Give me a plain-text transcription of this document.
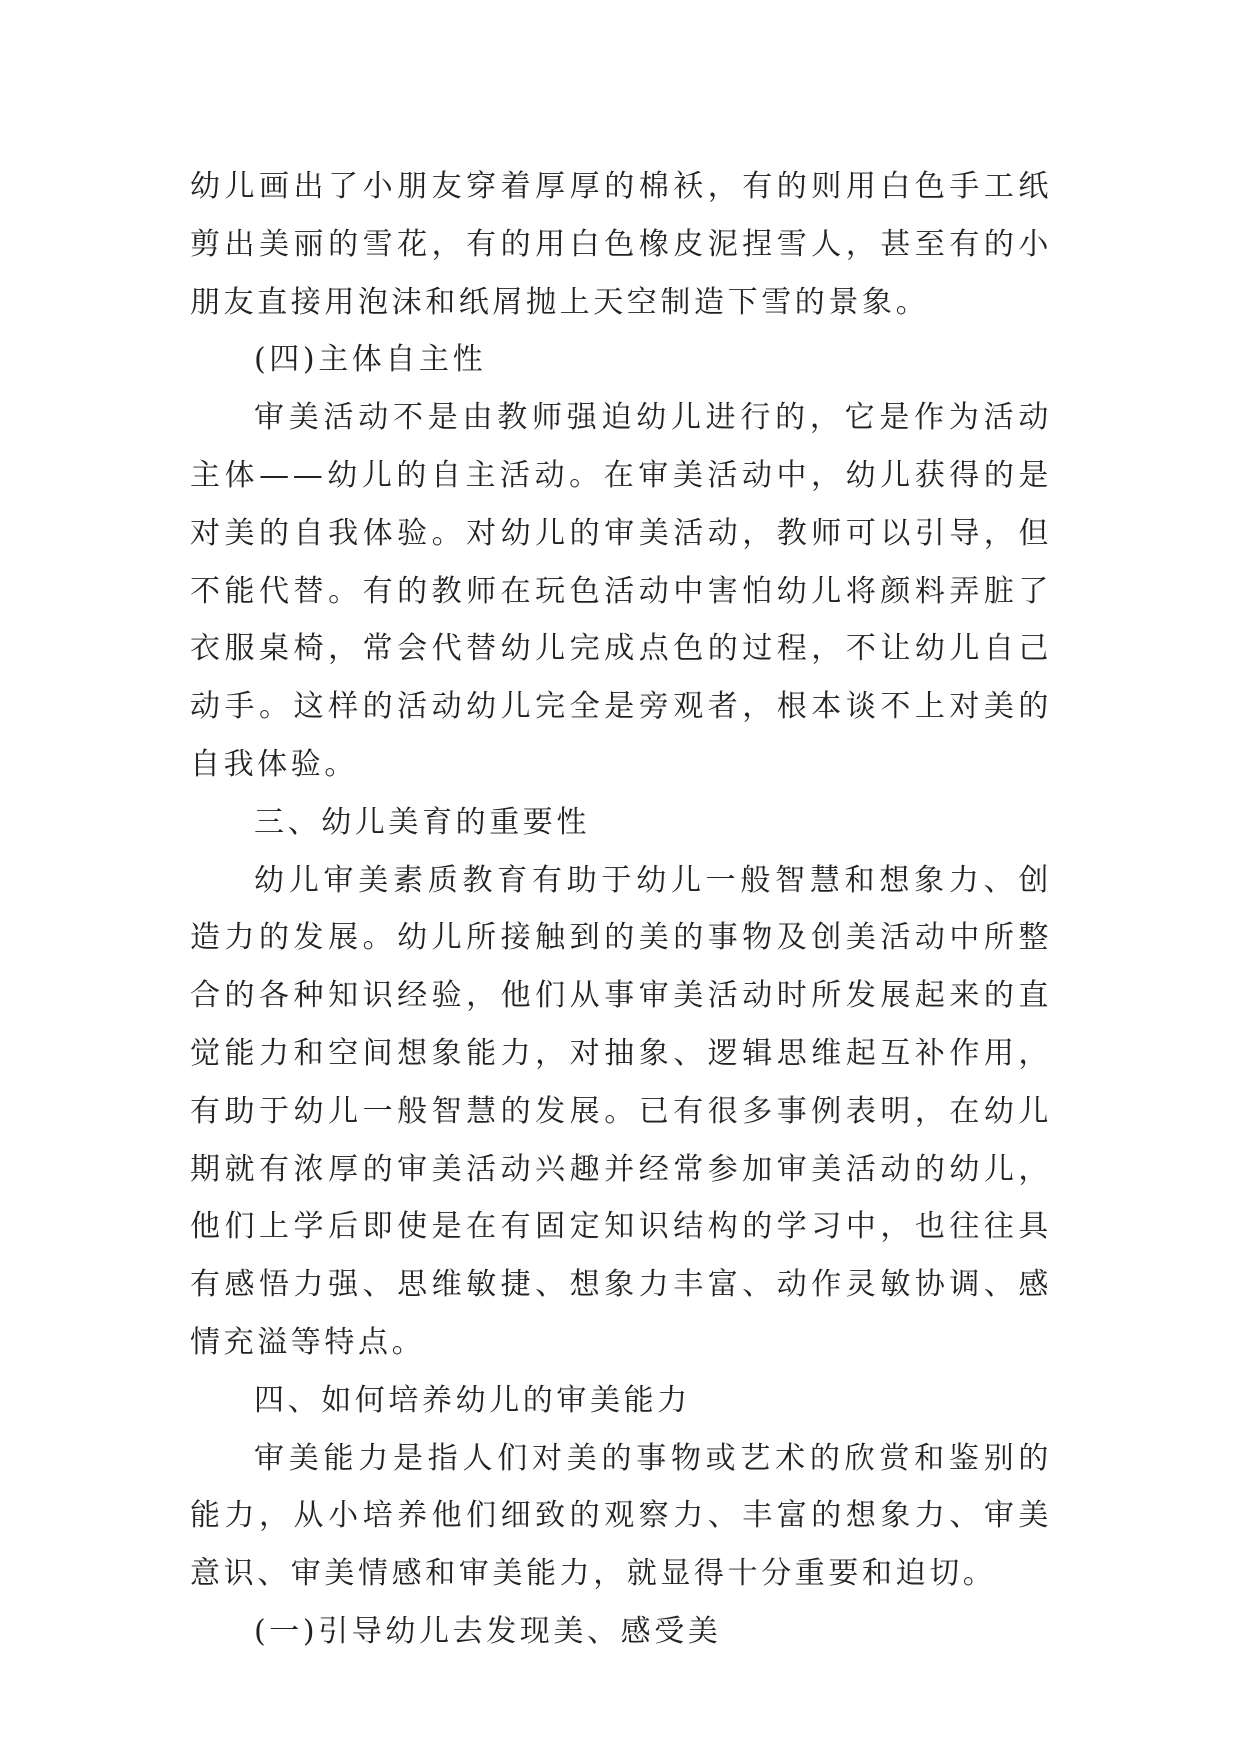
幼儿画出了小朋友穿着厚厚的棉袄，有的则用白色手工纸剪出美丽的雪花，有的用白色橡皮泥捏雪人，甚至有的小朋友直接用泡沫和纸屑抛上天空制造下雪的景象。

(四)主体自主性

审美活动不是由教师强迫幼儿进行的，它是作为活动主体——幼儿的自主活动。在审美活动中，幼儿获得的是对美的自我体验。对幼儿的审美活动，教师可以引导，但不能代替。有的教师在玩色活动中害怕幼儿将颜料弄脏了衣服桌椅，常会代替幼儿完成点色的过程，不让幼儿自己动手。这样的活动幼儿完全是旁观者，根本谈不上对美的自我体验。

三、幼儿美育的重要性

幼儿审美素质教育有助于幼儿一般智慧和想象力、创造力的发展。幼儿所接触到的美的事物及创美活动中所整合的各种知识经验，他们从事审美活动时所发展起来的直觉能力和空间想象能力，对抽象、逻辑思维起互补作用，有助于幼儿一般智慧的发展。已有很多事例表明，在幼儿期就有浓厚的审美活动兴趣并经常参加审美活动的幼儿，他们上学后即使是在有固定知识结构的学习中，也往往具有感悟力强、思维敏捷、想象力丰富、动作灵敏协调、感情充溢等特点。

四、如何培养幼儿的审美能力

审美能力是指人们对美的事物或艺术的欣赏和鉴别的能力，从小培养他们细致的观察力、丰富的想象力、审美意识、审美情感和审美能力，就显得十分重要和迫切。

(一)引导幼儿去发现美、感受美
